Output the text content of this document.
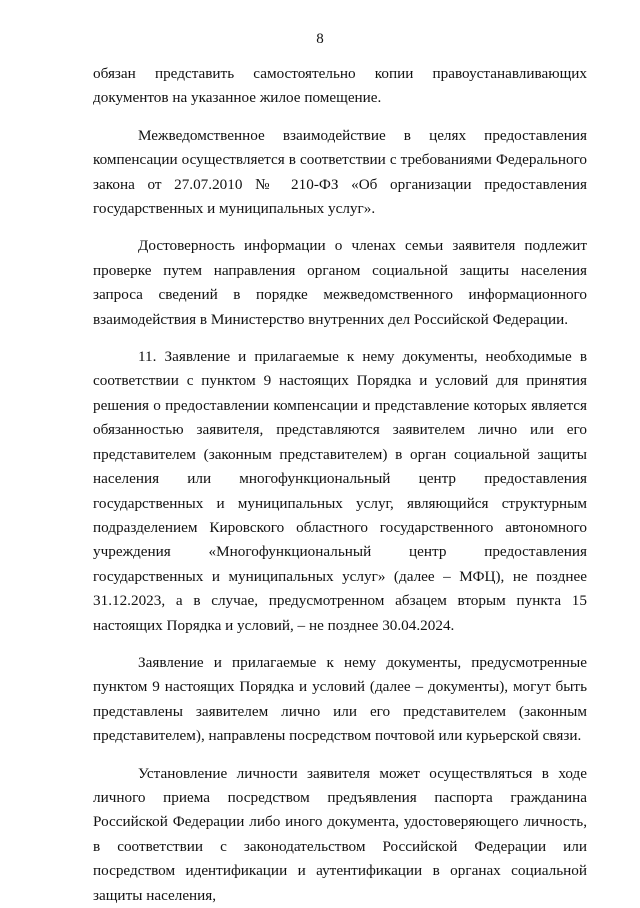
8

обязан представить самостоятельно копии правоустанавливающих документов на указанное жилое помещение.

Межведомственное взаимодействие в целях предоставления компенсации осуществляется в соответствии с требованиями Федерального закона от 27.07.2010 № 210-ФЗ «Об организации предоставления государственных и муниципальных услуг».

Достоверность информации о членах семьи заявителя подлежит проверке путем направления органом социальной защиты населения запроса сведений в порядке межведомственного информационного взаимодействия в Министерство внутренних дел Российской Федерации.

11. Заявление и прилагаемые к нему документы, необходимые в соответствии с пунктом 9 настоящих Порядка и условий для принятия решения о предоставлении компенсации и представление которых является обязанностью заявителя, представляются заявителем лично или его представителем (законным представителем) в орган социальной защиты населения или многофункциональный центр предоставления государственных и муниципальных услуг, являющийся структурным подразделением Кировского областного государственного автономного учреждения «Многофункциональный центр предоставления государственных и муниципальных услуг» (далее – МФЦ), не позднее 31.12.2023, а в случае, предусмотренном абзацем вторым пункта 15 настоящих Порядка и условий, – не позднее 30.04.2024.

Заявление и прилагаемые к нему документы, предусмотренные пунктом 9 настоящих Порядка и условий (далее – документы), могут быть представлены заявителем лично или его представителем (законным представителем), направлены посредством почтовой или курьерской связи.

Установление личности заявителя может осуществляться в ходе личного приема посредством предъявления паспорта гражданина Российской Федерации либо иного документа, удостоверяющего личность, в соответствии с законодательством Российской Федерации или посредством идентификации и аутентификации в органах социальной защиты населения,
